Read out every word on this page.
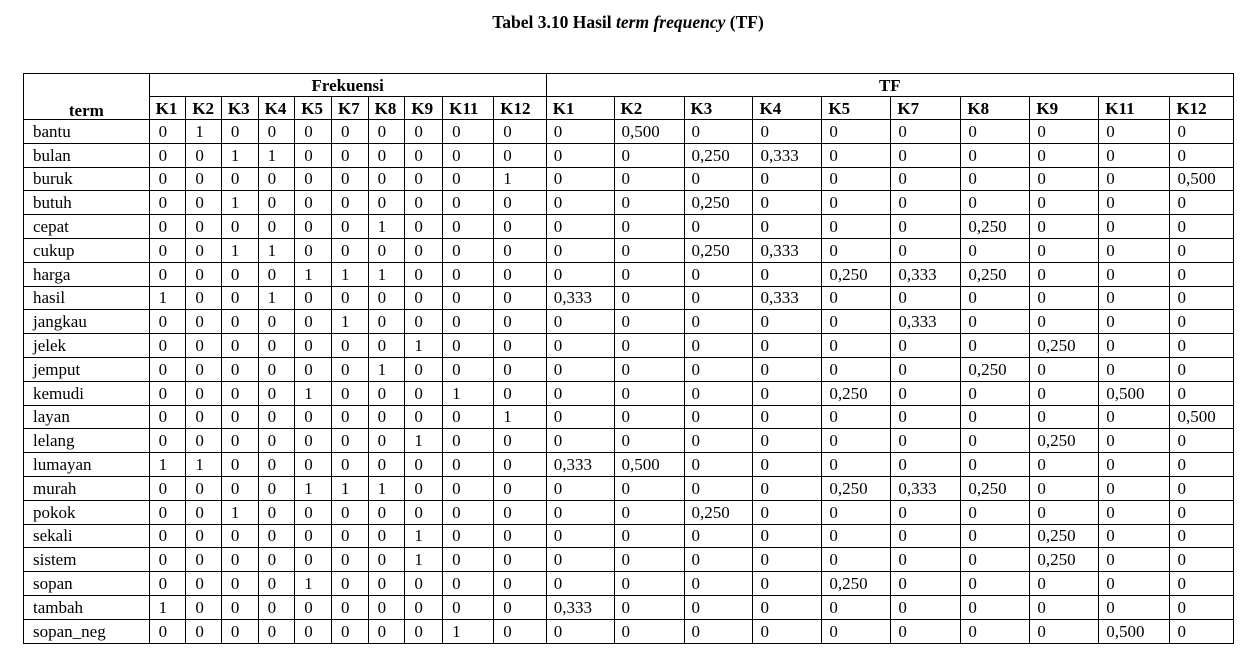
Tabel 3.10 Hasil term frequency (TF)
term	Frekuensi										TF									
	K1	K2	K3	K4	K5	K7	K8	K9	K11	K12	K1	K2	K3	K4	K5	K7	K8	K9	K11	K12
bantu	0	1	0	0	0	0	0	0	0	0	0	0,500	0	0	0	0	0	0	0	0
bulan	0	0	1	1	0	0	0	0	0	0	0	0	0,250	0,333	0	0	0	0	0	0
buruk	0	0	0	0	0	0	0	0	0	1	0	0	0	0	0	0	0	0	0	0,500
butuh	0	0	1	0	0	0	0	0	0	0	0	0	0,250	0	0	0	0	0	0	0
cepat	0	0	0	0	0	0	1	0	0	0	0	0	0	0	0	0	0,250	0	0	0
cukup	0	0	1	1	0	0	0	0	0	0	0	0	0,250	0,333	0	0	0	0	0	0
harga	0	0	0	0	1	1	1	0	0	0	0	0	0	0	0,250	0,333	0,250	0	0	0
hasil	1	0	0	1	0	0	0	0	0	0	0,333	0	0	0,333	0	0	0	0	0	0
jangkau	0	0	0	0	0	1	0	0	0	0	0	0	0	0	0	0,333	0	0	0	0
jelek	0	0	0	0	0	0	0	1	0	0	0	0	0	0	0	0	0	0,250	0	0
jemput	0	0	0	0	0	0	1	0	0	0	0	0	0	0	0	0	0,250	0	0	0
kemudi	0	0	0	0	1	0	0	0	1	0	0	0	0	0	0,250	0	0	0	0,500	0
layan	0	0	0	0	0	0	0	0	0	1	0	0	0	0	0	0	0	0	0	0,500
lelang	0	0	0	0	0	0	0	1	0	0	0	0	0	0	0	0	0	0,250	0	0
lumayan	1	1	0	0	0	0	0	0	0	0	0,333	0,500	0	0	0	0	0	0	0	0
murah	0	0	0	0	1	1	1	0	0	0	0	0	0	0	0,250	0,333	0,250	0	0	0
pokok	0	0	1	0	0	0	0	0	0	0	0	0	0,250	0	0	0	0	0	0	0
sekali	0	0	0	0	0	0	0	1	0	0	0	0	0	0	0	0	0	0,250	0	0
sistem	0	0	0	0	0	0	0	1	0	0	0	0	0	0	0	0	0	0,250	0	0
sopan	0	0	0	0	1	0	0	0	0	0	0	0	0	0	0,250	0	0	0	0	0
tambah	1	0	0	0	0	0	0	0	0	0	0,333	0	0	0	0	0	0	0	0	0
sopan_neg	0	0	0	0	0	0	0	0	1	0	0	0	0	0	0	0	0	0	0,500	0
